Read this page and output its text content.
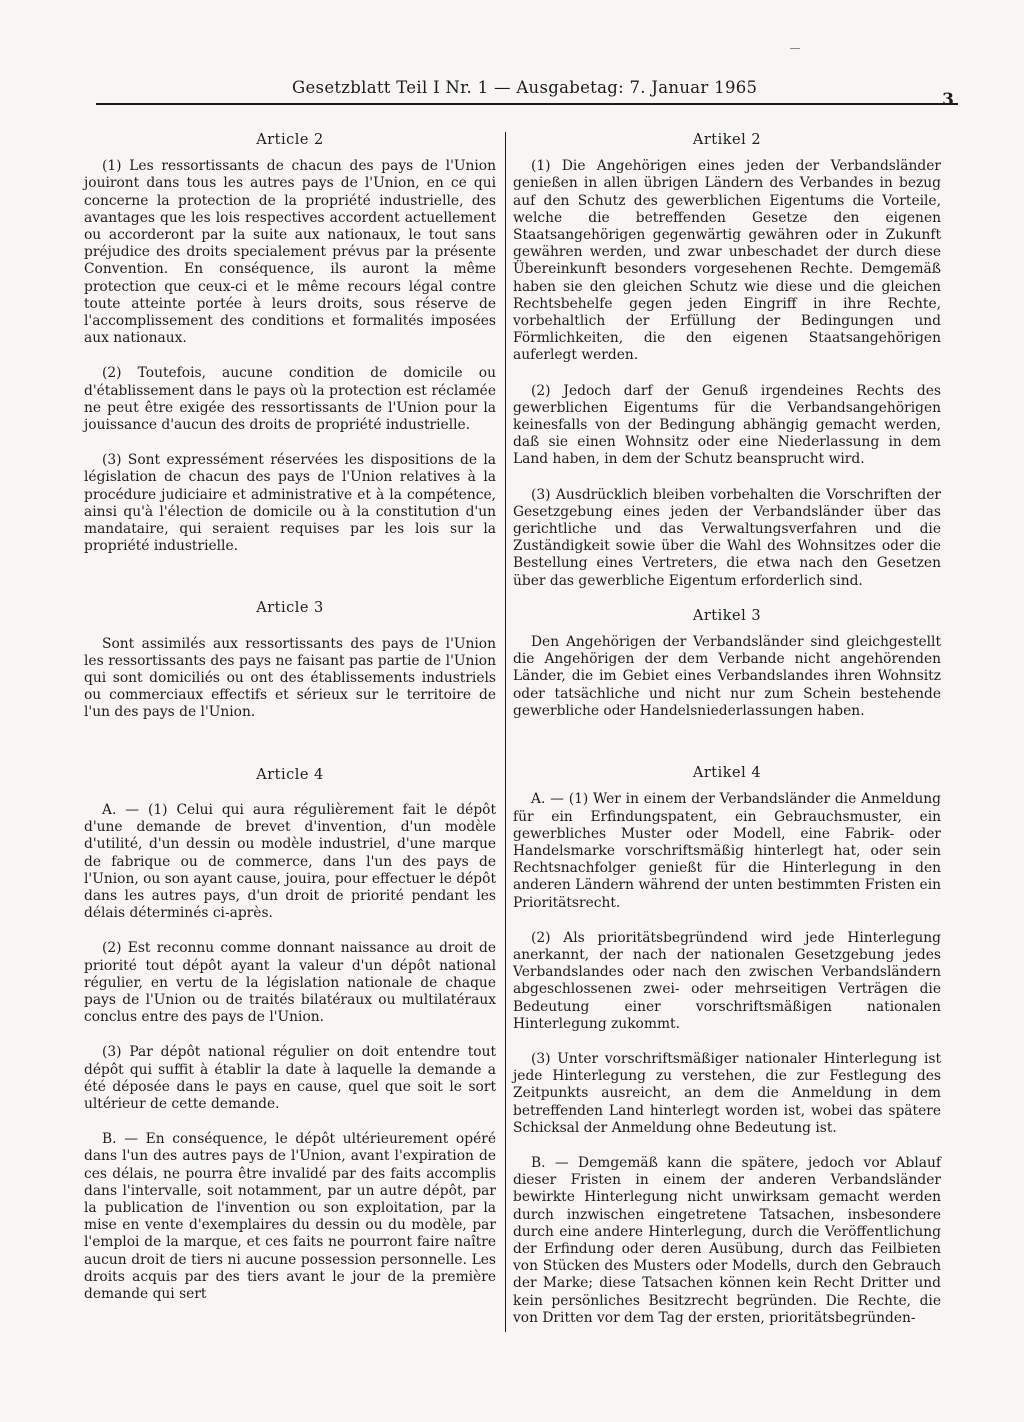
Gesetzblatt Teil I Nr. 1 — Ausgabetag: 7. Januar 1965
3
Article 2

(1) Les ressortissants de chacun des pays de l'Union jouiront dans tous les autres pays de l'Union, en ce qui concerne la protection de la propriété industrielle, des avantages que les lois respectives accordent actuellement ou accorderont par la suite aux nationaux, le tout sans préjudice des droits specialement prévus par la présente Convention. En conséquence, ils auront la même protection que ceux-ci et le même recours légal contre toute atteinte portée à leurs droits, sous réserve de l'accomplissement des conditions et formalités imposées aux nationaux.

(2) Toutefois, aucune condition de domicile ou d'établissement dans le pays où la protection est réclamée ne peut être exigée des ressortissants de l'Union pour la jouissance d'aucun des droits de propriété industrielle.

(3) Sont expressément réservées les dispositions de la législation de chacun des pays de l'Union relatives à la procédure judiciaire et administrative et à la compétence, ainsi qu'à l'élection de domicile ou à la constitution d'un mandataire, qui seraient requises par les lois sur la propriété industrielle.

Article 3

Sont assimilés aux ressortissants des pays de l'Union les ressortissants des pays ne faisant pas partie de l'Union qui sont domiciliés ou ont des établissements industriels ou commerciaux effectifs et sérieux sur le territoire de l'un des pays de l'Union.

Article 4

A. — (1) Celui qui aura régulièrement fait le dépôt d'une demande de brevet d'invention, d'un modèle d'utilité, d'un dessin ou modèle industriel, d'une marque de fabrique ou de commerce, dans l'un des pays de l'Union, ou son ayant cause, jouira, pour effectuer le dépôt dans les autres pays, d'un droit de priorité pendant les délais déterminés ci-après.

(2) Est reconnu comme donnant naissance au droit de priorité tout dépôt ayant la valeur d'un dépôt national régulier, en vertu de la législation nationale de chaque pays de l'Union ou de traités bilatéraux ou multilatéraux conclus entre des pays de l'Union.

(3) Par dépôt national régulier on doit entendre tout dépôt qui suffit à établir la date à laquelle la demande a été déposée dans le pays en cause, quel que soit le sort ultérieur de cette demande.

B. — En conséquence, le dépôt ultérieurement opéré dans l'un des autres pays de l'Union, avant l'expiration de ces délais, ne pourra être invalidé par des faits accomplis dans l'intervalle, soit notamment, par un autre dépôt, par la publication de l'invention ou son exploitation, par la mise en vente d'exemplaires du dessin ou du modèle, par l'emploi de la marque, et ces faits ne pourront faire naître aucun droit de tiers ni aucune possession personnelle. Les droits acquis par des tiers avant le jour de la première demande qui sert

Artikel 2

(1) Die Angehörigen eines jeden der Verbandsländer genießen in allen übrigen Ländern des Verbandes in bezug auf den Schutz des gewerblichen Eigentums die Vorteile, welche die betreffenden Gesetze den eigenen Staatsangehörigen gegenwärtig gewähren oder in Zukunft gewähren werden, und zwar unbeschadet der durch diese Übereinkunft besonders vorgesehenen Rechte. Demgemäß haben sie den gleichen Schutz wie diese und die gleichen Rechtsbehelfe gegen jeden Eingriff in ihre Rechte, vorbehaltlich der Erfüllung der Bedingungen und Förmlichkeiten, die den eigenen Staatsangehörigen auferlegt werden.

(2) Jedoch darf der Genuß irgendeines Rechts des gewerblichen Eigentums für die Verbandsangehörigen keinesfalls von der Bedingung abhängig gemacht werden, daß sie einen Wohnsitz oder eine Niederlassung in dem Land haben, in dem der Schutz beansprucht wird.

(3) Ausdrücklich bleiben vorbehalten die Vorschriften der Gesetzgebung eines jeden der Verbandsländer über das gerichtliche und das Verwaltungsverfahren und die Zuständigkeit sowie über die Wahl des Wohnsitzes oder die Bestellung eines Vertreters, die etwa nach den Gesetzen über das gewerbliche Eigentum erforderlich sind.

Artikel 3

Den Angehörigen der Verbandsländer sind gleichgestellt die Angehörigen der dem Verbande nicht angehörenden Länder, die im Gebiet eines Verbandslandes ihren Wohnsitz oder tatsächliche und nicht nur zum Schein bestehende gewerbliche oder Handelsniederlassungen haben.

Artikel 4

A. — (1) Wer in einem der Verbandsländer die Anmeldung für ein Erfindungspatent, ein Gebrauchsmuster, ein gewerbliches Muster oder Modell, eine Fabrik- oder Handelsmarke vorschriftsmäßig hinterlegt hat, oder sein Rechtsnachfolger genießt für die Hinterlegung in den anderen Ländern während der unten bestimmten Fristen ein Prioritätsrecht.

(2) Als prioritätsbegründend wird jede Hinterlegung anerkannt, der nach der nationalen Gesetzgebung jedes Verbandslandes oder nach den zwischen Verbandsländern abgeschlossenen zwei- oder mehrseitigen Verträgen die Bedeutung einer vorschriftsmäßigen nationalen Hinterlegung zukommt.

(3) Unter vorschriftsmäßiger nationaler Hinterlegung ist jede Hinterlegung zu verstehen, die zur Festlegung des Zeitpunkts ausreicht, an dem die Anmeldung in dem betreffenden Land hinterlegt worden ist, wobei das spätere Schicksal der Anmeldung ohne Bedeutung ist.

B. — Demgemäß kann die spätere, jedoch vor Ablauf dieser Fristen in einem der anderen Verbandsländer bewirkte Hinterlegung nicht unwirksam gemacht werden durch inzwischen eingetretene Tatsachen, insbesondere durch eine andere Hinterlegung, durch die Veröffentlichung der Erfindung oder deren Ausübung, durch das Feilbieten von Stücken des Musters oder Modells, durch den Gebrauch der Marke; diese Tatsachen können kein Recht Dritter und kein persönliches Besitzrecht begründen. Die Rechte, die von Dritten vor dem Tag der ersten, prioritätsbegründen-
